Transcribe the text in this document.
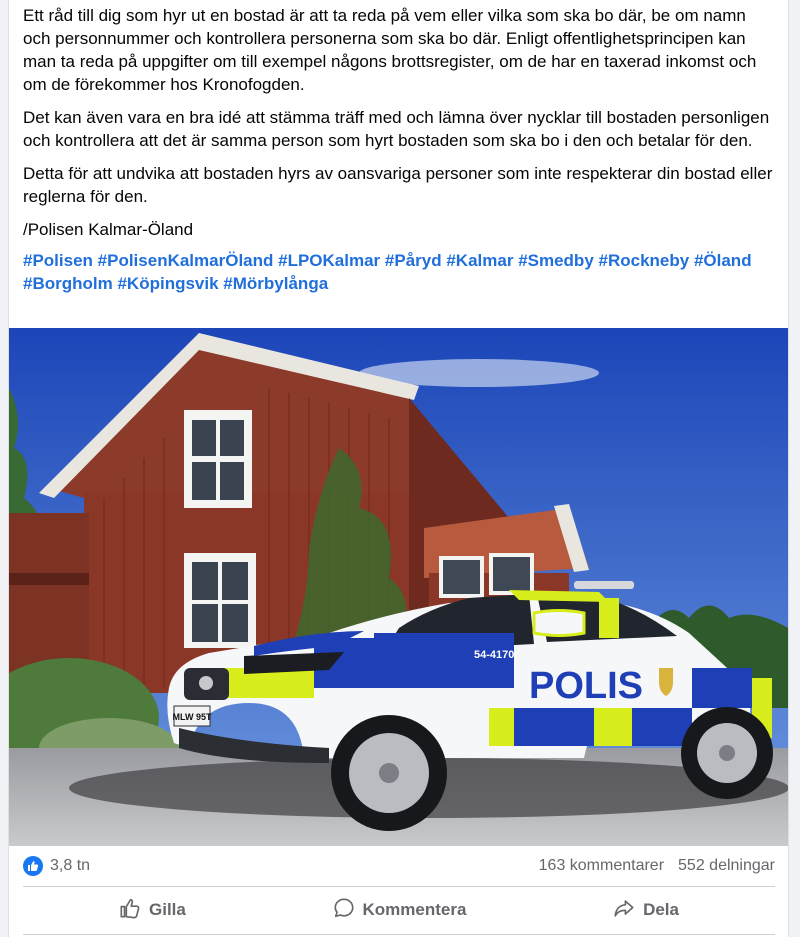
Ett råd till dig som hyr ut en bostad är att ta reda på vem eller vilka som ska bo där, be om namn och personnummer och kontrollera personerna som ska bo där. Enligt offentlighetsprincipen kan man ta reda på uppgifter om till exempel någons brottsregister, om de har en taxerad inkomst och om de förekommer hos Kronofogden.

Det kan även vara en bra idé att stämma träff med och lämna över nycklar till bostaden personligen och kontrollera att det är samma person som hyrt bostaden som ska bo i den och betalar för den.

Detta för att undvika att bostaden hyrs av oansvariga personer som inte respekterar din bostad eller reglerna för den.

/Polisen Kalmar-Öland

#Polisen #PolisenKalmarÖland #LPOKalmar #Påryd #Kalmar #Smedby #Rockneby #Öland
#Borgholm #Köpingsvik #Mörbylånga
MLW 95T
54-4170
POLIS
3,8 tn	163 kommentarer 552 delningar
Gilla	Kommentera	Dela
